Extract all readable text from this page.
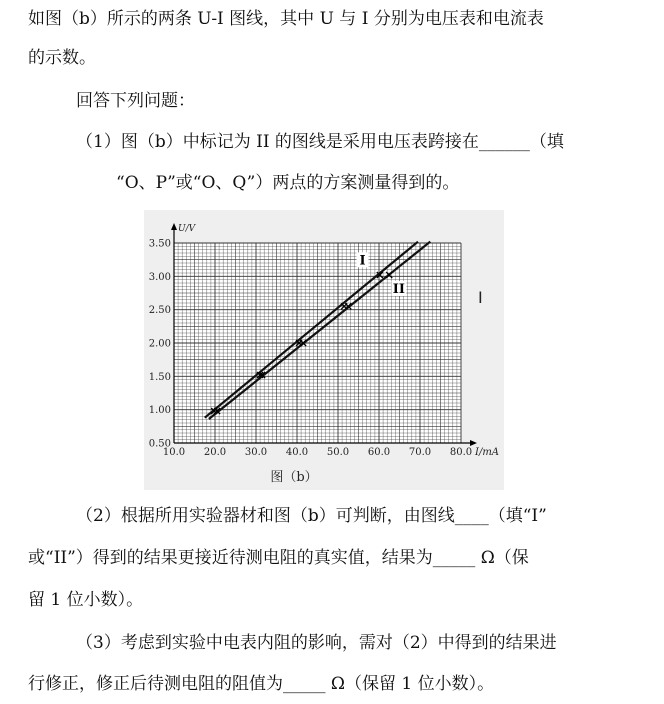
如图（b）所示的两条 U-I 图线，其中 U 与 I 分别为电压表和电流表
的示数。
回答下列问题：
（1）图（b）中标记为 II 的图线是采用电压表跨接在______（填
“O、P”或“O、Q”）两点的方案测量得到的。
10.0 20.0 30.0 40.0 50.0 60.0 70.0 80.0
0.50
1.00
1.50
2.00
2.50
3.00
3.50
I/mA
U/V
I
II
图（b）
I
（2）根据所用实验器材和图（b）可判断，由图线____（填“I”
或“II”）得到的结果更接近待测电阻的真实值，结果为_____ Ω（保
留 1 位小数）。
（3）考虑到实验中电表内阻的影响，需对（2）中得到的结果进
行修正，修正后待测电阻的阻值为_____ Ω（保留 1 位小数）。
